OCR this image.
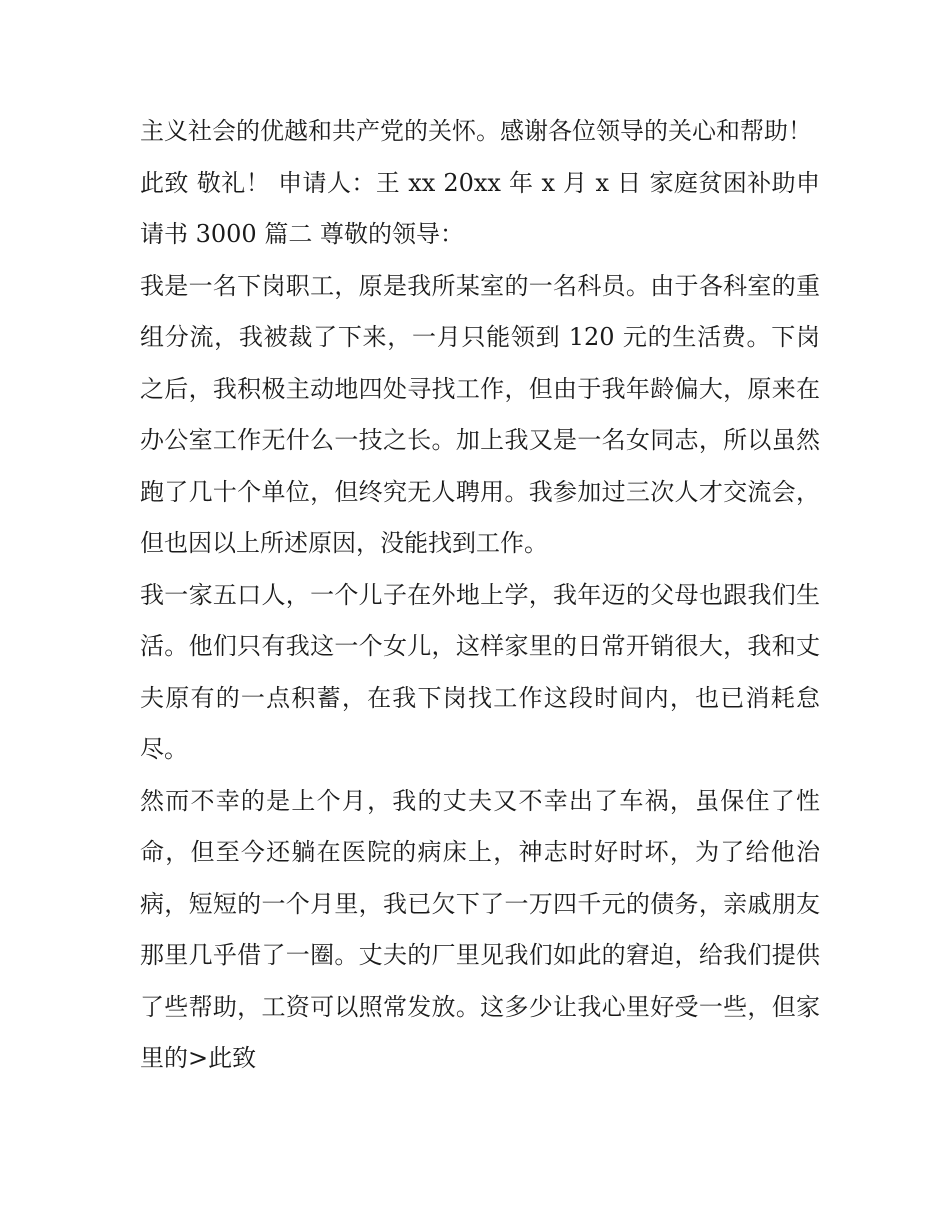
主义社会的优越和共产党的关怀。感谢各位领导的关心和帮助！

此致 敬礼！ 申请人：王 xx 20xx 年 x 月 x 日 家庭贫困补助申请书 3000 篇二 尊敬的领导：

我是一名下岗职工，原是我所某室的一名科员。由于各科室的重组分流，我被裁了下来，一月只能领到 120 元的生活费。下岗之后，我积极主动地四处寻找工作，但由于我年龄偏大，原来在办公室工作无什么一技之长。加上我又是一名女同志，所以虽然跑了几十个单位，但终究无人聘用。我参加过三次人才交流会，但也因以上所述原因，没能找到工作。

我一家五口人，一个儿子在外地上学，我年迈的父母也跟我们生活。他们只有我这一个女儿，这样家里的日常开销很大，我和丈夫原有的一点积蓄，在我下岗找工作这段时间内，也已消耗怠尽。

然而不幸的是上个月，我的丈夫又不幸出了车祸，虽保住了性命，但至今还躺在医院的病床上，神志时好时坏，为了给他治病，短短的一个月里，我已欠下了一万四千元的债务，亲戚朋友那里几乎借了一圈。丈夫的厂里见我们如此的窘迫，给我们提供了些帮助，工资可以照常发放。这多少让我心里好受一些，但家里的>此致
